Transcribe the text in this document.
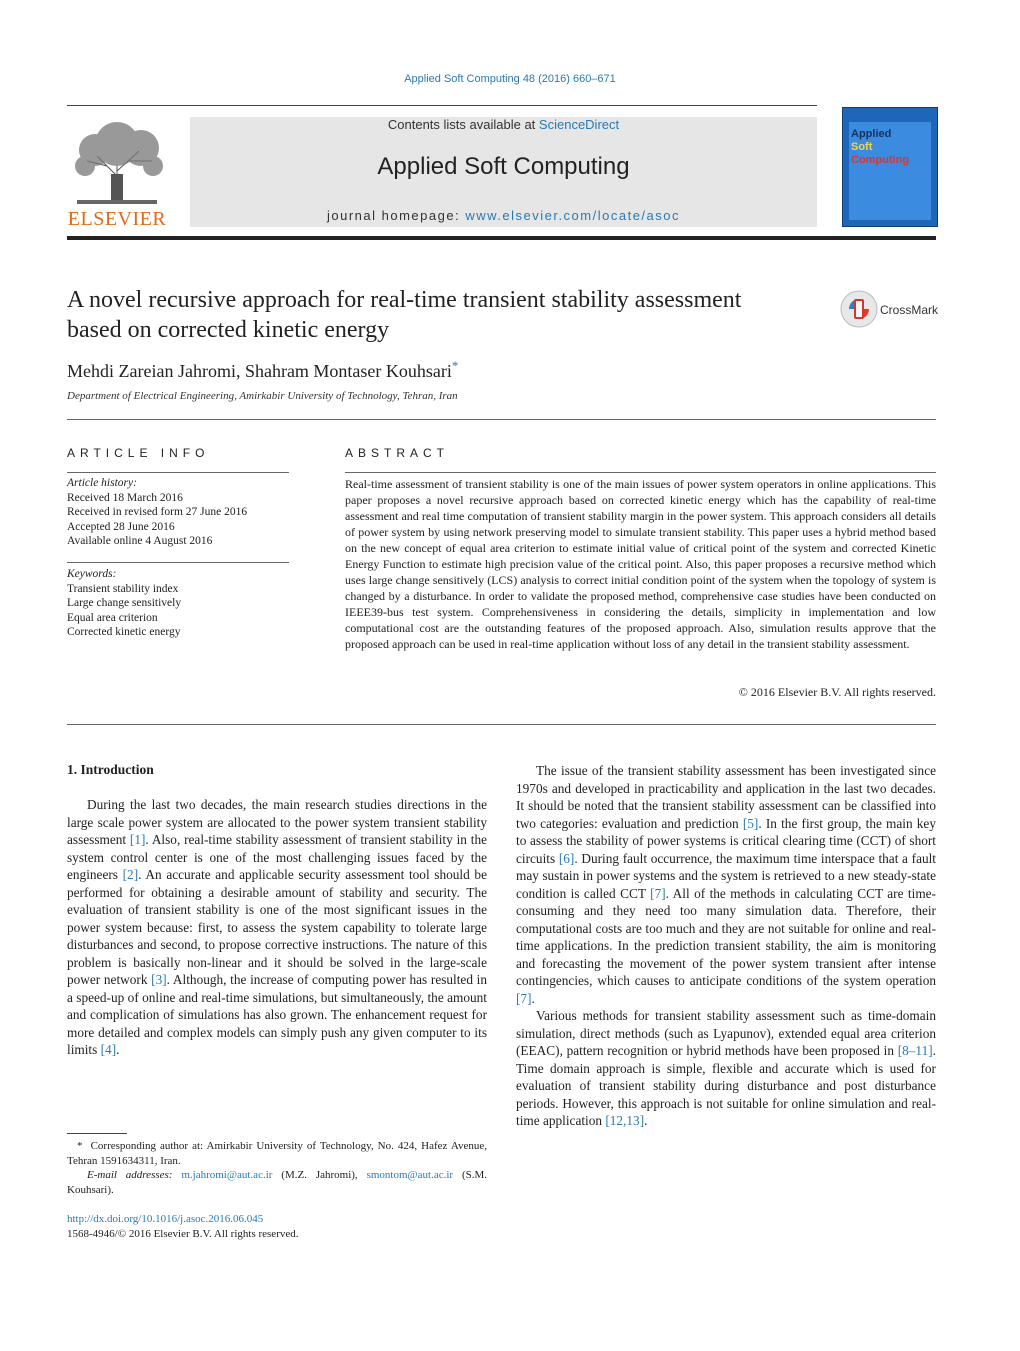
Applied Soft Computing 48 (2016) 660–671
ELSEVIER
Contents lists available at ScienceDirect
Applied Soft Computing
journal homepage: www.elsevier.com/locate/asoc
Applied
Soft
Computing
A novel recursive approach for real-time transient stability assessment based on corrected kinetic energy
CrossMark
Mehdi Zareian Jahromi, Shahram Montaser Kouhsari*
Department of Electrical Engineering, Amirkabir University of Technology, Tehran, Iran
ARTICLE INFO
Article history:
Received 18 March 2016
Received in revised form 27 June 2016
Accepted 28 June 2016
Available online 4 August 2016
Keywords:
Transient stability index
Large change sensitively
Equal area criterion
Corrected kinetic energy
ABSTRACT
Real-time assessment of transient stability is one of the main issues of power system operators in online applications. This paper proposes a novel recursive approach based on corrected kinetic energy which has the capability of real-time assessment and real time computation of transient stability margin in the power system. This approach considers all details of power system by using network preserving model to simulate transient stability. This paper uses a hybrid method based on the new concept of equal area criterion to estimate initial value of critical point of the system and corrected Kinetic Energy Function to estimate high precision value of the critical point. Also, this paper proposes a recursive method which uses large change sensitively (LCS) analysis to correct initial condition point of the system when the topology of system is changed by a disturbance. In order to validate the proposed method, comprehensive case studies have been conducted on IEEE39-bus test system. Comprehensiveness in considering the details, simplicity in implementation and low computational cost are the outstanding features of the proposed approach. Also, simulation results approve that the proposed approach can be used in real-time application without loss of any detail in the transient stability assessment.
© 2016 Elsevier B.V. All rights reserved.
1. Introduction

During the last two decades, the main research studies directions in the large scale power system are allocated to the power system transient stability assessment [1]. Also, real-time stability assessment of transient stability in the system control center is one of the most challenging issues faced by the engineers [2]. An accurate and applicable security assessment tool should be performed for obtaining a desirable amount of stability and security. The evaluation of transient stability is one of the most significant issues in the power system because: first, to assess the system capability to tolerate large disturbances and second, to propose corrective instructions. The nature of this problem is basically non-linear and it should be solved in the large-scale power network [3]. Although, the increase of computing power has resulted in a speed-up of online and real-time simulations, but simultaneously, the amount and complication of simulations has also grown. The enhancement request for more detailed and complex models can simply push any given computer to its limits [4].

The issue of the transient stability assessment has been investigated since 1970s and developed in practicability and application in the last two decades. It should be noted that the transient stability assessment can be classified into two categories: evaluation and prediction [5]. In the first group, the main key to assess the stability of power systems is critical clearing time (CCT) of short circuits [6]. During fault occurrence, the maximum time interspace that a fault may sustain in power systems and the system is retrieved to a new steady-state condition is called CCT [7]. All of the methods in calculating CCT are time-consuming and they need too many simulation data. Therefore, their computational costs are too much and they are not suitable for online and real-time applications. In the prediction transient stability, the aim is monitoring and forecasting the movement of the power system transient after intense contingencies, which causes to anticipate conditions of the system operation [7].

Various methods for transient stability assessment such as time-domain simulation, direct methods (such as Lyapunov), extended equal area criterion (EEAC), pattern recognition or hybrid methods have been proposed in [8–11]. Time domain approach is simple, flexible and accurate which is used for evaluation of transient stability during disturbance and post disturbance periods. However, this approach is not suitable for online simulation and real-time application [12,13].

* Corresponding author at: Amirkabir University of Technology, No. 424, Hafez Avenue, Tehran 1591634311, Iran.
E-mail addresses: m.jahromi@aut.ac.ir (M.Z. Jahromi), smontom@aut.ac.ir (S.M. Kouhsari).
http://dx.doi.org/10.1016/j.asoc.2016.06.045
1568-4946/© 2016 Elsevier B.V. All rights reserved.
